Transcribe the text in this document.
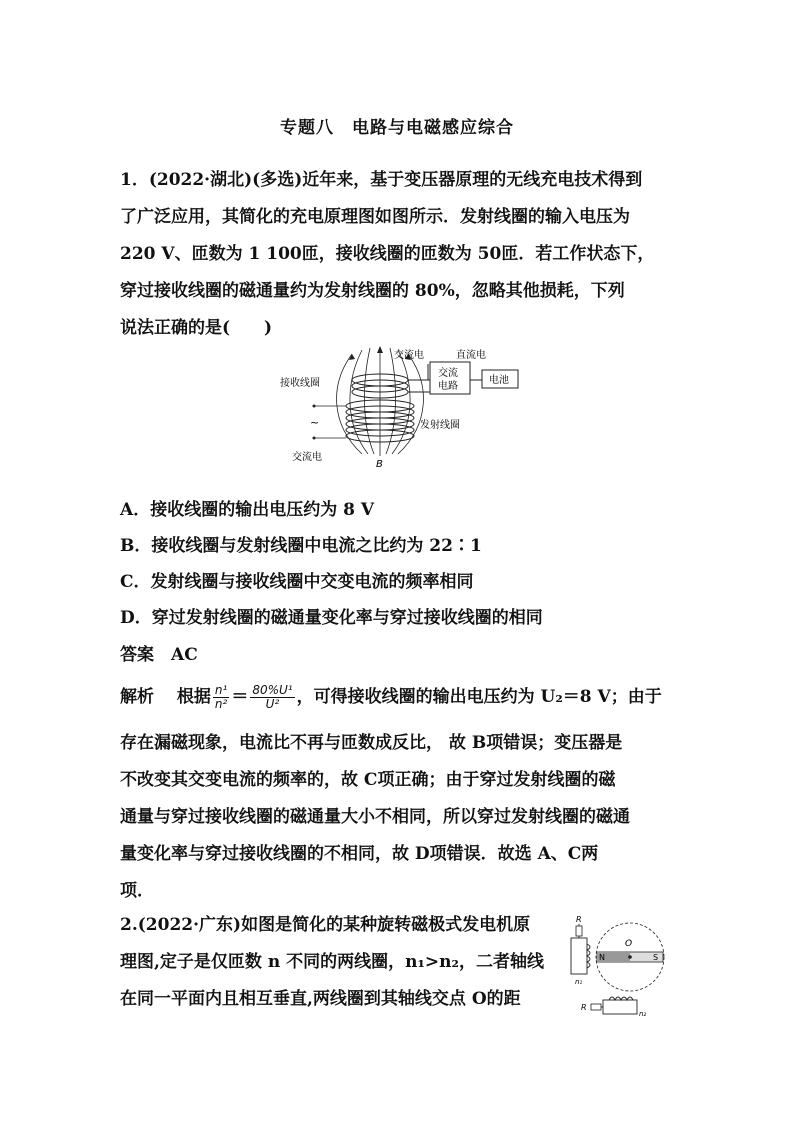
专题八　电路与电磁感应综合
1．(2022·湖北)(多选)近年来，基于变压器原理的无线充电技术得到
了广泛应用，其简化的充电原理图如图所示．发射线圈的输入电压为
220 V、匝数为 1 100匝，接收线圈的匝数为 50匝．若工作状态下，
穿过接收线圈的磁通量约为发射线圈的 80%，忽略其他损耗，下列
说法正确的是(　　)
交流电	直流电
接收线圈
交流
电路
电池
~	发射线圈
交流电
B
A．接收线圈的输出电压约为 8 V
B．接收线圈与发射线圈中电流之比约为 22∶1
C．发射线圈与接收线圈中交变电流的频率相同
D．穿过发射线圈的磁通量变化率与穿过接收线圈的相同
答案　AC
解析　 根据 $\frac{\text{n¹}}{\text{n²}} = \frac{\text{80\%U¹}}{\text{U²}}$ ，可得接收线圈的输出电压约为 U₂＝8 V；由于
存在漏磁现象，电流比不再与匝数成反比， 故 B项错误；变压器是
不改变其交变电流的频率的，故 C项正确；由于穿过发射线圈的磁
通量与穿过接收线圈的磁通量大小不相同，所以穿过发射线圈的磁通
量变化率与穿过接收线圈的不相同，故 D项错误．故选 A、C两
项．
2.(2022·广东)如图是简化的某种旋转磁极式发电机原
理图,定子是仅匝数 n 不同的两线圈，n₁>n₂，二者轴线
在同一平面内且相互垂直,两线圈到其轴线交点 O的距
R
n₁
O
N	S
R
n₂
